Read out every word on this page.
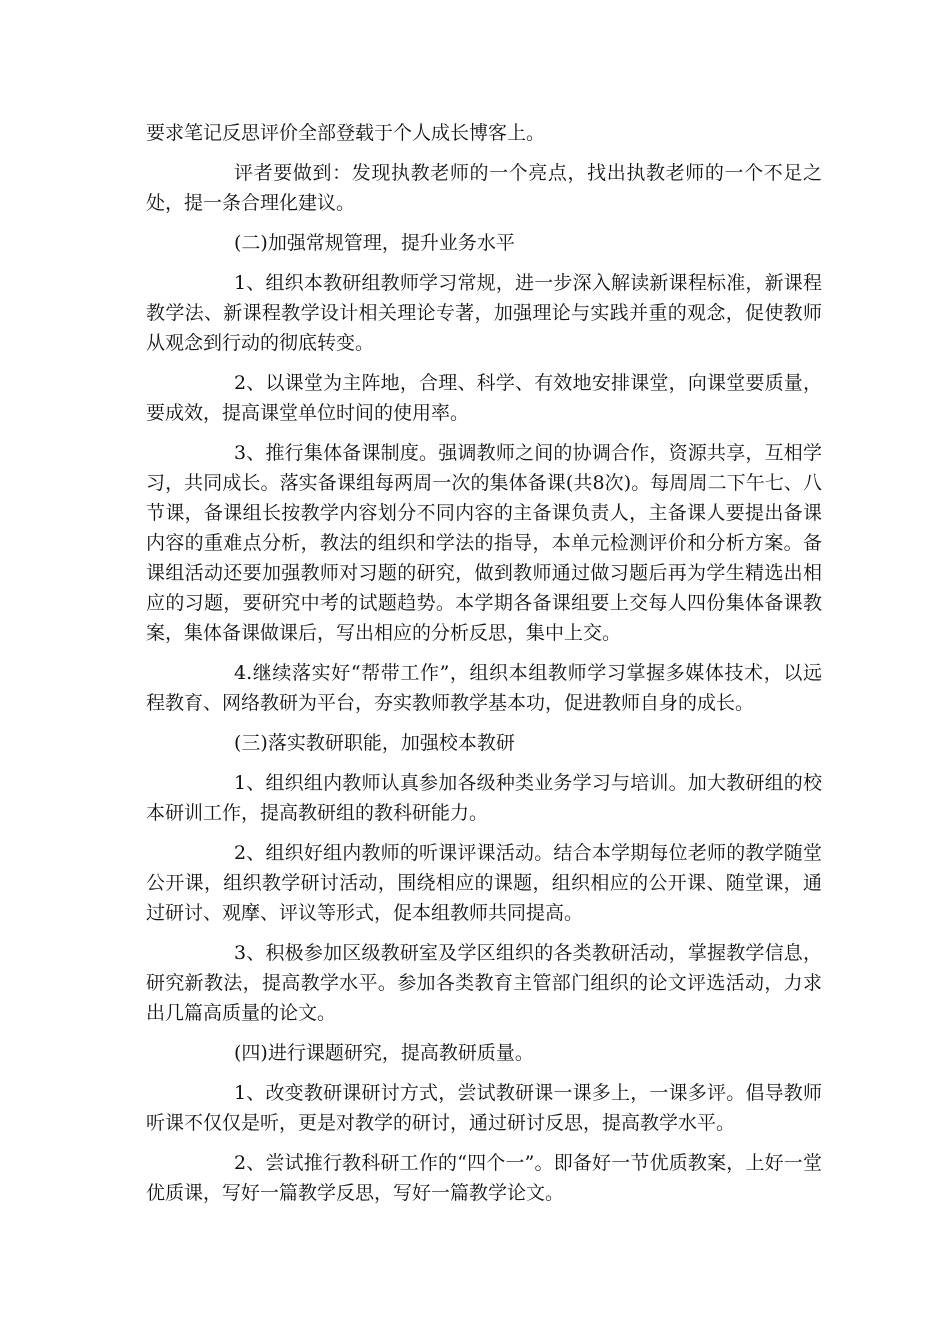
要求笔记反思评价全部登载于个人成长博客上。

评者要做到：发现执教老师的一个亮点，找出执教老师的一个不足之处，提一条合理化建议。

(二)加强常规管理，提升业务水平

1、组织本教研组教师学习常规，进一步深入解读新课程标准，新课程教学法、新课程教学设计相关理论专著，加强理论与实践并重的观念，促使教师从观念到行动的彻底转变。

2、以课堂为主阵地，合理、科学、有效地安排课堂，向课堂要质量，要成效，提高课堂单位时间的使用率。

3、推行集体备课制度。强调教师之间的协调合作，资源共享，互相学习，共同成长。落实备课组每两周一次的集体备课(共8次)。每周周二下午七、八节课，备课组长按教学内容划分不同内容的主备课负责人，主备课人要提出备课内容的重难点分析，教法的组织和学法的指导，本单元检测评价和分析方案。备课组活动还要加强教师对习题的研究，做到教师通过做习题后再为学生精选出相应的习题，要研究中考的试题趋势。本学期各备课组要上交每人四份集体备课教案，集体备课做课后，写出相应的分析反思，集中上交。

4.继续落实好“帮带工作”，组织本组教师学习掌握多媒体技术，以远程教育、网络教研为平台，夯实教师教学基本功，促进教师自身的成长。

(三)落实教研职能，加强校本教研

1、组织组内教师认真参加各级种类业务学习与培训。加大教研组的校本研训工作，提高教研组的教科研能力。

2、组织好组内教师的听课评课活动。结合本学期每位老师的教学随堂公开课，组织教学研讨活动，围绕相应的课题，组织相应的公开课、随堂课，通过研讨、观摩、评议等形式，促本组教师共同提高。

3、积极参加区级教研室及学区组织的各类教研活动，掌握教学信息，研究新教法，提高教学水平。参加各类教育主管部门组织的论文评选活动，力求出几篇高质量的论文。

(四)进行课题研究，提高教研质量。

1、改变教研课研讨方式，尝试教研课一课多上，一课多评。倡导教师听课不仅仅是听，更是对教学的研讨，通过研讨反思，提高教学水平。

2、尝试推行教科研工作的“四个一”。即备好一节优质教案，上好一堂优质课，写好一篇教学反思，写好一篇教学论文。
